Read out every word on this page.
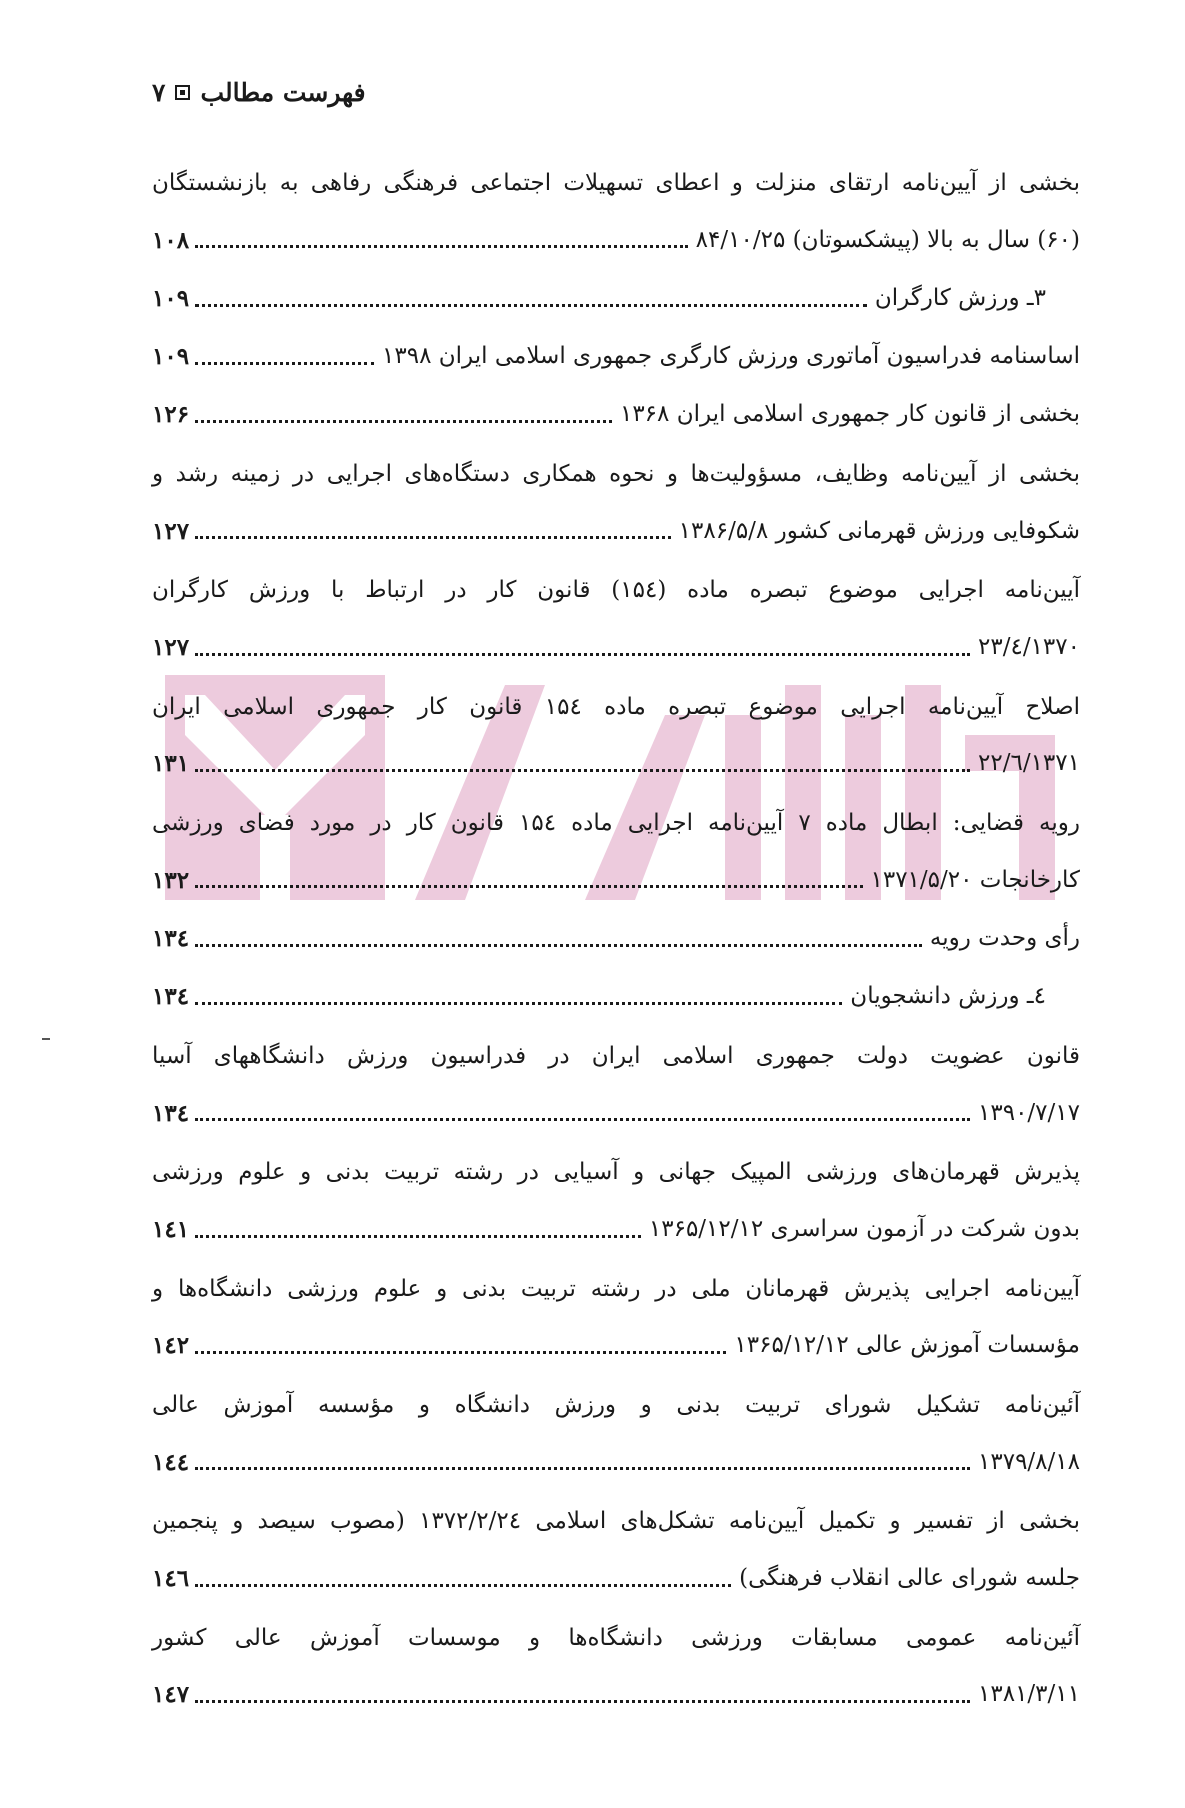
فهرست مطالب
۷
بخشی از آیین‌نامه ارتقای منزلت و اعطای تسهیلات اجتماعی فرهنگی رفاهی به بازنشستگان
(۶۰) سال به بالا (پیشکسوتان) ۸۴/۱۰/۲۵
۱۰۸
۳ـ ورزش کارگران
۱۰۹
اساسنامه فدراسیون آماتوری ورزش کارگری جمهوری اسلامی ایران ۱۳۹۸
۱۰۹
بخشی از قانون کار جمهوری اسلامی ایران ۱۳۶۸
۱۲۶
بخشی از آیین‌نامه وظایف، مسؤولیت‌ها و نحوه همکاری دستگاه‌های اجرایی در زمینه رشد و
شکوفایی ورزش قهرمانی کشور ۱۳۸۶/۵/۸
۱۲۷
آیین‌نامه اجرایی موضوع تبصره ماده (۱۵٤) قانون کار در ارتباط با ورزش کارگران
۱۳۷۰/٤/۲۳
۱۲۷
اصلاح آیین‌نامه اجرایی موضوع تبصره ماده ۱۵٤ قانون کار جمهوری اسلامی ایران
۱۳۷۱/٦/۲۲
۱۳۱
رویه قضایی: ابطال ماده ۷ آیین‌نامه اجرایی ماده ۱۵٤ قانون کار در مورد فضای ورزشی
کارخانجات ۱۳۷۱/۵/۲۰
۱۳۲
رأی وحدت رویه
۱۳٤
٤ـ ورزش دانشجویان
۱۳٤
قانون عضویت دولت جمهوری اسلامی ایران در فدراسیون ورزش دانشگاههای آسیا
۱۳۹۰/۷/۱۷
۱۳٤
پذیرش قهرمان‌های ورزشی المپیک جهانی و آسیایی در رشته تربیت بدنی و علوم ورزشی
بدون شرکت در آزمون سراسری ۱۳۶۵/۱۲/۱۲
۱٤۱
آیین‌نامه اجرایی پذیرش قهرمانان ملی در رشته تربیت بدنی و علوم ورزشی دانشگاه‌ها و
مؤسسات آموزش عالی ۱۳۶۵/۱۲/۱۲
۱٤۲
آئین‌نامه تشکیل شورای تربیت بدنی و ورزش دانشگاه و مؤسسه آموزش عالی
۱۳۷۹/۸/۱۸
۱٤٤
بخشی از تفسیر و تکمیل آیین‌نامه تشکل‌های اسلامی ۱۳۷۲/۲/۲٤ (مصوب سیصد و پنجمین
جلسه شورای عالی انقلاب فرهنگی)
۱٤٦
آئین‌نامه عمومی مسابقات ورزشی دانشگاه‌ها و موسسات آموزش عالی کشور
۱۳۸۱/۳/۱۱
۱٤۷
